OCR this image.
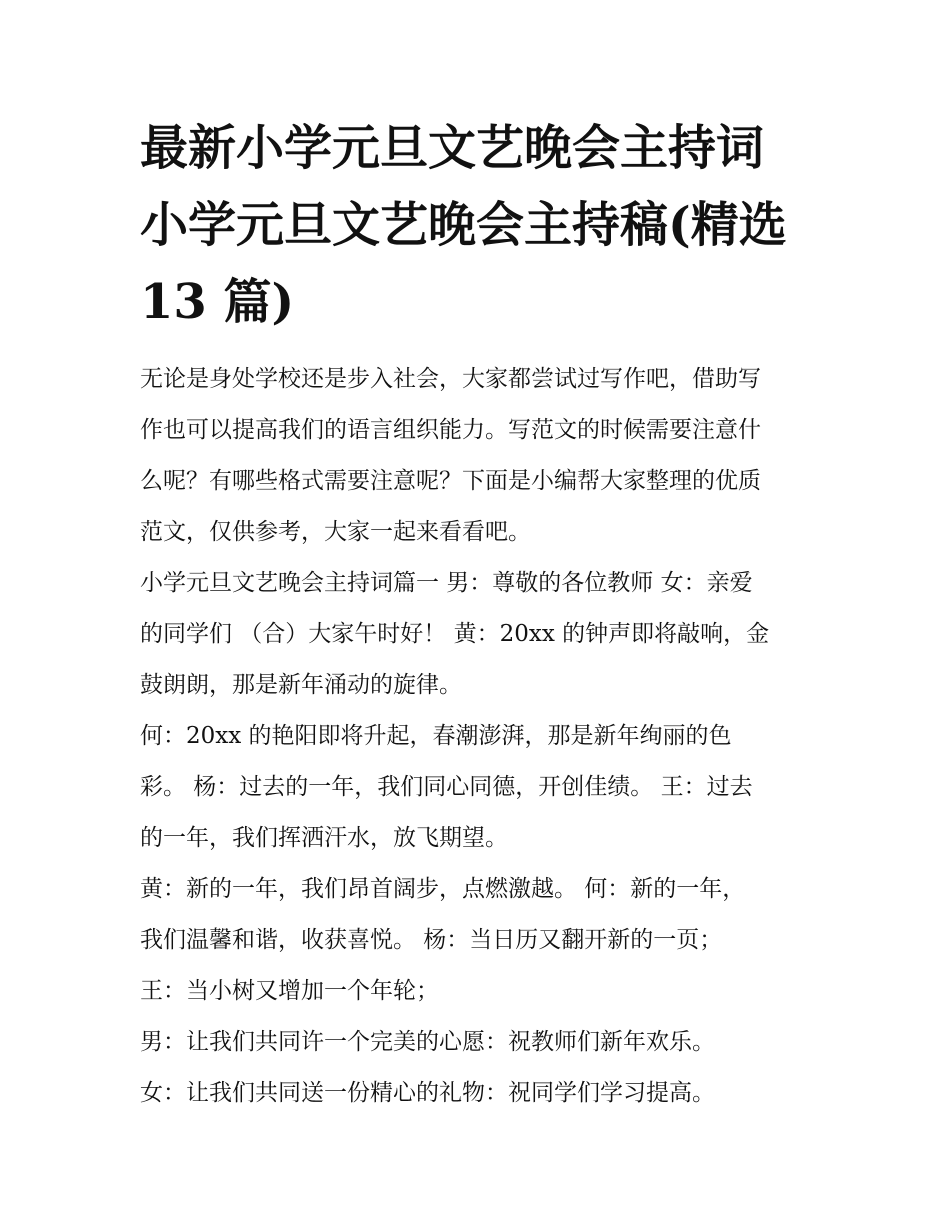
最新小学元旦文艺晚会主持词
小学元旦文艺晚会主持稿(精选
13 篇)

无论是身处学校还是步入社会，大家都尝试过写作吧，借助写
作也可以提高我们的语言组织能力。写范文的时候需要注意什
么呢？有哪些格式需要注意呢？下面是小编帮大家整理的优质
范文，仅供参考，大家一起来看看吧。

小学元旦文艺晚会主持词篇一 男：尊敬的各位教师 女：亲爱
的同学们 （合）大家午时好！ 黄：20xx 的钟声即将敲响，金
鼓朗朗，那是新年涌动的旋律。

何：20xx 的艳阳即将升起，春潮澎湃，那是新年绚丽的色
彩。 杨：过去的一年，我们同心同德，开创佳绩。 王：过去
的一年，我们挥洒汗水，放飞期望。

黄：新的一年，我们昂首阔步，点燃激越。 何：新的一年，
我们温馨和谐，收获喜悦。 杨：当日历又翻开新的一页；

王：当小树又增加一个年轮；

男：让我们共同许一个完美的心愿：祝教师们新年欢乐。

女：让我们共同送一份精心的礼物：祝同学们学习提高。
